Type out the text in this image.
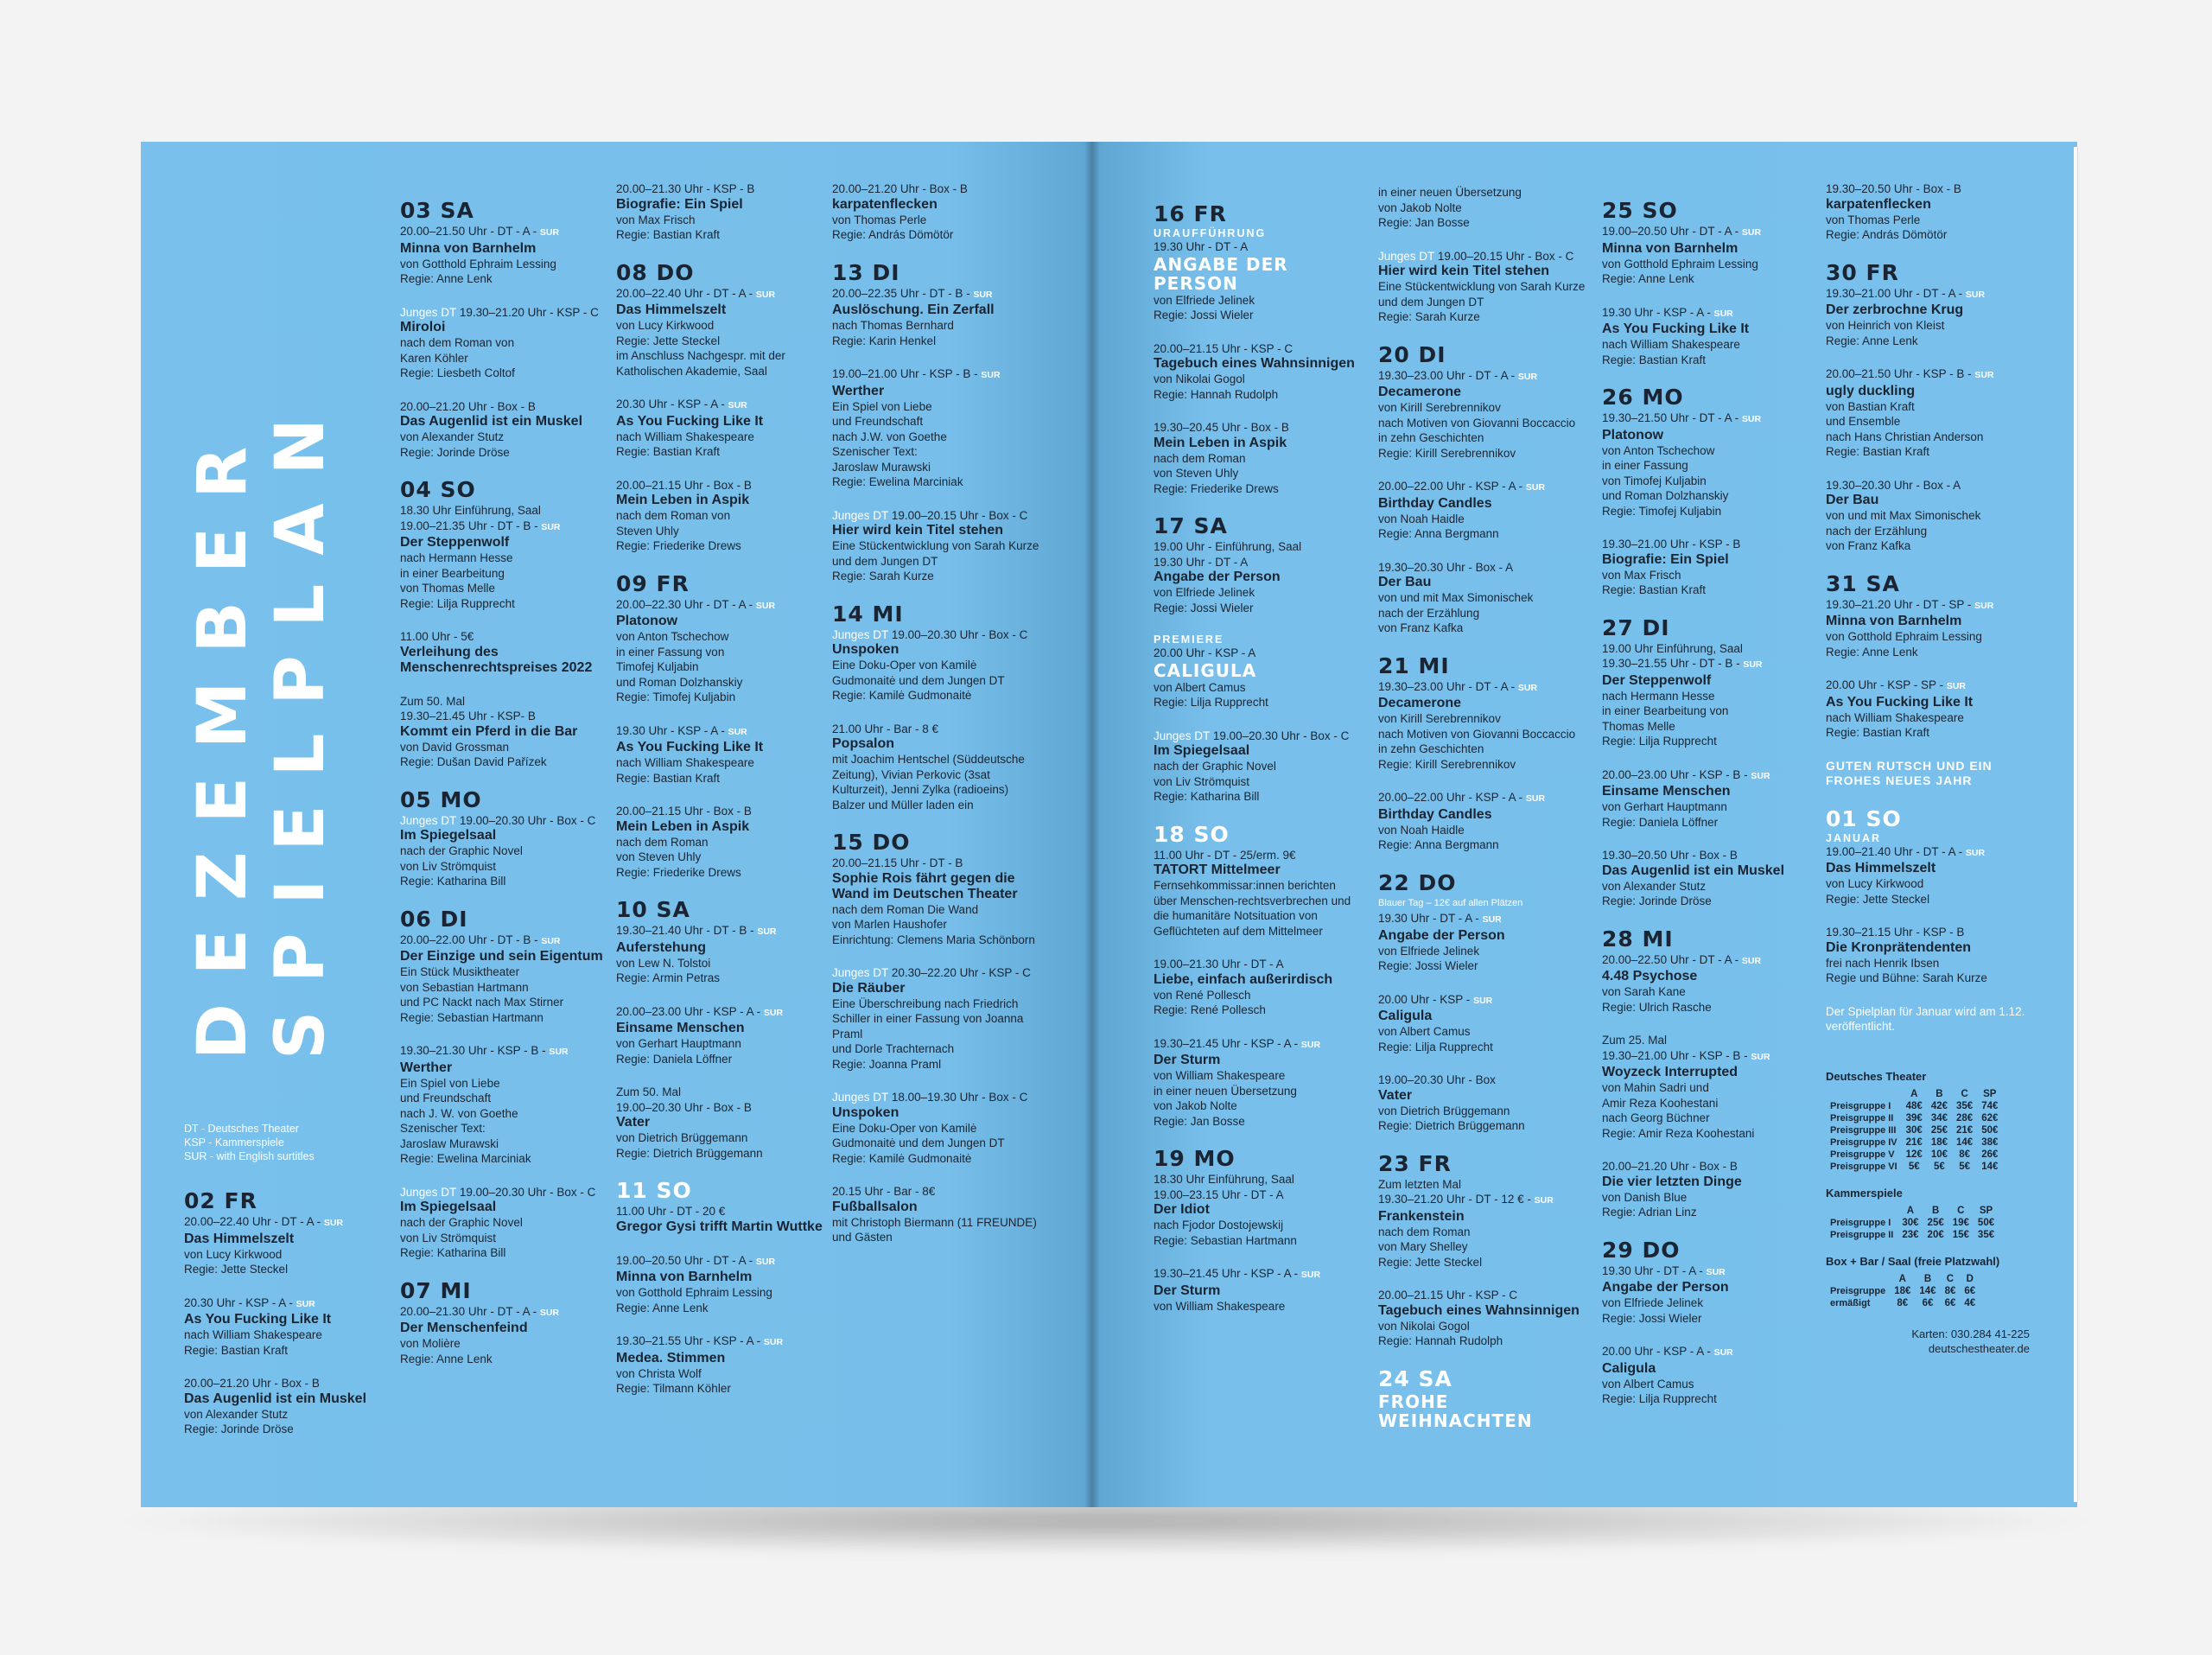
DEZEMBER SPIELPLAN
DT - Deutsches Theater
KSP - Kammerspiele
SUR - with English surtitles
02 FR
20.00–22.40 Uhr - DT - A - SUR
Das Himmelszelt
von Lucy Kirkwood
Regie: Jette Steckel
20.30 Uhr - KSP - A - SUR
As You Fucking Like It
nach William Shakespeare
Regie: Bastian Kraft
20.00–21.20 Uhr - Box - B
Das Augenlid ist ein Muskel
von Alexander Stutz
Regie: Jorinde Dröse
03 SA
20.00–21.50 Uhr - DT - A - SUR
Minna von Barnhelm
von Gotthold Ephraim Lessing
Regie: Anne Lenk
Junges DT 19.30–21.20 Uhr - KSP - C
Miroloi
nach dem Roman von
Karen Köhler
Regie: Liesbeth Coltof
20.00–21.20 Uhr - Box - B
Das Augenlid ist ein Muskel
von Alexander Stutz
Regie: Jorinde Dröse
04 SO
18.30 Uhr Einführung, Saal
19.00–21.35 Uhr - DT - B - SUR
Der Steppenwolf
nach Hermann Hesse
in einer Bearbeitung
von Thomas Melle
Regie: Lilja Rupprecht
11.00 Uhr - 5€
Verleihung des Menschenrechtspreises 2022
Zum 50. Mal
19.30–21.45 Uhr - KSP- B
Kommt ein Pferd in die Bar
von David Grossman
Regie: Dušan David Pařízek
05 MO
Junges DT 19.00–20.30 Uhr - Box - C
Im Spiegelsaal
nach der Graphic Novel
von Liv Strömquist
Regie: Katharina Bill
06 DI
20.00–22.00 Uhr - DT - B - SUR
Der Einzige und sein Eigentum
Ein Stück Musiktheater
von Sebastian Hartmann
und PC Nackt nach Max Stirner
Regie: Sebastian Hartmann
19.30–21.30 Uhr - KSP - B - SUR
Werther
Ein Spiel von Liebe
und Freundschaft
nach J. W. von Goethe
Szenischer Text:
Jaroslaw Murawski
Regie: Ewelina Marciniak
Junges DT 19.00–20.30 Uhr - Box - C
Im Spiegelsaal
nach der Graphic Novel
von Liv Strömquist
Regie: Katharina Bill
07 MI
20.00–21.30 Uhr - DT - A - SUR
Der Menschenfeind
von Molière
Regie: Anne Lenk
20.00–21.30 Uhr - KSP - B
Biografie: Ein Spiel
von Max Frisch
Regie: Bastian Kraft
08 DO
20.00–22.40 Uhr - DT - A - SUR
Das Himmelszelt
von Lucy Kirkwood
Regie: Jette Steckel
im Anschluss Nachgespr. mit der Katholischen Akademie, Saal
20.30 Uhr - KSP - A - SUR
As You Fucking Like It
nach William Shakespeare
Regie: Bastian Kraft
20.00–21.15 Uhr - Box - B
Mein Leben in Aspik
nach dem Roman von
Steven Uhly
Regie: Friederike Drews
09 FR
20.00–22.30 Uhr - DT - A - SUR
Platonow
von Anton Tschechow
in einer Fassung von
Timofej Kuljabin
und Roman Dolzhanskiy
Regie: Timofej Kuljabin
19.30 Uhr - KSP - A - SUR
As You Fucking Like It
nach William Shakespeare
Regie: Bastian Kraft
20.00–21.15 Uhr - Box - B
Mein Leben in Aspik
nach dem Roman
von Steven Uhly
Regie: Friederike Drews
10 SA
19.30–21.40 Uhr - DT - B - SUR
Auferstehung
von Lew N. Tolstoi
Regie: Armin Petras
20.00–23.00 Uhr - KSP - A - SUR
Einsame Menschen
von Gerhart Hauptmann
Regie: Daniela Löffner
Zum 50. Mal
19.00–20.30 Uhr - Box - B
Vater
von Dietrich Brüggemann
Regie: Dietrich Brüggemann
11 SO
11.00 Uhr - DT - 20 €
Gregor Gysi trifft Martin Wuttke
19.00–20.50 Uhr - DT - A - SUR
Minna von Barnhelm
von Gotthold Ephraim Lessing
Regie: Anne Lenk
19.30–21.55 Uhr - KSP - A - SUR
Medea. Stimmen
von Christa Wolf
Regie: Tilmann Köhler
20.00–21.20 Uhr - Box - B
karpatenflecken
von Thomas Perle
Regie: András Dömötör
13 DI
20.00–22.35 Uhr - DT - B - SUR
Auslöschung. Ein Zerfall
nach Thomas Bernhard
Regie: Karin Henkel
19.00–21.00 Uhr - KSP - B - SUR
Werther
Ein Spiel von Liebe
und Freundschaft
nach J.W. von Goethe
Szenischer Text:
Jaroslaw Murawski
Regie: Ewelina Marciniak
Junges DT 19.00–20.15 Uhr - Box - C
Hier wird kein Titel stehen
Eine Stückentwicklung von Sarah Kurze und dem Jungen DT
Regie: Sarah Kurze
14 MI
Junges DT 19.00–20.30 Uhr - Box - C
Unspoken
Eine Doku-Oper von Kamilė Gudmonaitė und dem Jungen DT
Regie: Kamilė Gudmonaitė
21.00 Uhr - Bar - 8 €
Popsalon
mit Joachim Hentschel (Süddeutsche Zeitung), Vivian Perkovic (3sat Kulturzeit), Jenni Zylka (radioeins)
Balzer und Müller laden ein
15 DO
20.00–21.15 Uhr - DT - B
Sophie Rois fährt gegen die Wand im Deutschen Theater
nach dem Roman Die Wand
von Marlen Haushofer
Einrichtung: Clemens Maria Schönborn
Junges DT 20.30–22.20 Uhr - KSP - C
Die Räuber
Eine Überschreibung nach Friedrich Schiller in einer Fassung von Joanna Praml
und Dorle Trachternach
Regie: Joanna Praml
Junges DT 18.00–19.30 Uhr - Box - C
Unspoken
Eine Doku-Oper von Kamilė Gudmonaitė und dem Jungen DT
Regie: Kamilė Gudmonaitė
20.15 Uhr - Bar - 8€
Fußballsalon
mit Christoph Biermann (11 FREUNDE) und Gästen
16 FR
URAUFFÜHRUNG
19.30 Uhr - DT - A
ANGABE DER PERSON
von Elfriede Jelinek
Regie: Jossi Wieler
20.00–21.15 Uhr - KSP - C
Tagebuch eines Wahnsinnigen
von Nikolai Gogol
Regie: Hannah Rudolph
19.30–20.45 Uhr - Box - B
Mein Leben in Aspik
nach dem Roman
von Steven Uhly
Regie: Friederike Drews
17 SA
19.00 Uhr - Einführung, Saal
19.30 Uhr - DT - A
Angabe der Person
von Elfriede Jelinek
Regie: Jossi Wieler
PREMIERE
20.00 Uhr - KSP - A
CALIGULA
von Albert Camus
Regie: Lilja Rupprecht
Junges DT 19.00–20.30 Uhr - Box - C
Im Spiegelsaal
nach der Graphic Novel
von Liv Strömquist
Regie: Katharina Bill
18 SO
11.00 Uhr - DT - 25/erm. 9€
TATORT Mittelmeer
Fernsehkommissar:innen berichten über Menschen-rechtsverbrechen und die humanitäre Notsituation von Geflüchteten auf dem Mittelmeer
19.00–21.30 Uhr - DT - A
Liebe, einfach außerirdisch
von René Pollesch
Regie: René Pollesch
19.30–21.45 Uhr - KSP - A - SUR
Der Sturm
von William Shakespeare
in einer neuen Übersetzung
von Jakob Nolte
Regie: Jan Bosse
19 MO
18.30 Uhr Einführung, Saal
19.00–23.15 Uhr - DT - A
Der Idiot
nach Fjodor Dostojewskij
Regie: Sebastian Hartmann
19.30–21.45 Uhr - KSP - A - SUR
Der Sturm
von William Shakespeare
in einer neuen Übersetzung
von Jakob Nolte
Regie: Jan Bosse
Junges DT 19.00–20.15 Uhr - Box - C
Hier wird kein Titel stehen
Eine Stückentwicklung von Sarah Kurze und dem Jungen DT
Regie: Sarah Kurze
20 DI
19.30–23.00 Uhr - DT - A - SUR
Decamerone
von Kirill Serebrennikov
nach Motiven von Giovanni Boccaccio in zehn Geschichten
Regie: Kirill Serebrennikov
20.00–22.00 Uhr - KSP - A - SUR
Birthday Candles
von Noah Haidle
Regie: Anna Bergmann
19.30–20.30 Uhr - Box - A
Der Bau
von und mit Max Simonischek
nach der Erzählung
von Franz Kafka
21 MI
19.30–23.00 Uhr - DT - A - SUR
Decamerone
von Kirill Serebrennikov
nach Motiven von Giovanni Boccaccio in zehn Geschichten
Regie: Kirill Serebrennikov
20.00–22.00 Uhr - KSP - A - SUR
Birthday Candles
von Noah Haidle
Regie: Anna Bergmann
22 DO
Blauer Tag – 12€ auf allen Plätzen
19.30 Uhr - DT - A - SUR
Angabe der Person
von Elfriede Jelinek
Regie: Jossi Wieler
20.00 Uhr - KSP - SUR
Caligula
von Albert Camus
Regie: Lilja Rupprecht
19.00–20.30 Uhr - Box
Vater
von Dietrich Brüggemann
Regie: Dietrich Brüggemann
23 FR
Zum letzten Mal
19.30–21.20 Uhr - DT - 12 € - SUR
Frankenstein
nach dem Roman
von Mary Shelley
Regie: Jette Steckel
20.00–21.15 Uhr - KSP - C
Tagebuch eines Wahnsinnigen
von Nikolai Gogol
Regie: Hannah Rudolph
24 SA
FROHE WEIHNACHTEN
25 SO
19.00–20.50 Uhr - DT - A - SUR
Minna von Barnhelm
von Gotthold Ephraim Lessing
Regie: Anne Lenk
19.30 Uhr - KSP - A - SUR
As You Fucking Like It
nach William Shakespeare
Regie: Bastian Kraft
26 MO
19.30–21.50 Uhr - DT - A - SUR
Platonow
von Anton Tschechow
in einer Fassung
von Timofej Kuljabin
und Roman Dolzhanskiy
Regie: Timofej Kuljabin
19.30–21.00 Uhr - KSP - B
Biografie: Ein Spiel
von Max Frisch
Regie: Bastian Kraft
27 DI
19.00 Uhr Einführung, Saal
19.30–21.55 Uhr - DT - B - SUR
Der Steppenwolf
nach Hermann Hesse
in einer Bearbeitung von
Thomas Melle
Regie: Lilja Rupprecht
20.00–23.00 Uhr - KSP - B - SUR
Einsame Menschen
von Gerhart Hauptmann
Regie: Daniela Löffner
19.30–20.50 Uhr - Box - B
Das Augenlid ist ein Muskel
von Alexander Stutz
Regie: Jorinde Dröse
28 MI
20.00–22.50 Uhr - DT - A - SUR
4.48 Psychose
von Sarah Kane
Regie: Ulrich Rasche
Zum 25. Mal
19.30–21.00 Uhr - KSP - B - SUR
Woyzeck Interrupted
von Mahin Sadri und
Amir Reza Koohestani
nach Georg Büchner
Regie: Amir Reza Koohestani
20.00–21.20 Uhr - Box - B
Die vier letzten Dinge
von Danish Blue
Regie: Adrian Linz
29 DO
19.30 Uhr - DT - A - SUR
Angabe der Person
von Elfriede Jelinek
Regie: Jossi Wieler
20.00 Uhr - KSP - A - SUR
Caligula
von Albert Camus
Regie: Lilja Rupprecht
19.30–20.50 Uhr - Box - B
karpatenflecken
von Thomas Perle
Regie: András Dömötör
30 FR
19.30–21.00 Uhr - DT - A - SUR
Der zerbrochne Krug
von Heinrich von Kleist
Regie: Anne Lenk
20.00–21.50 Uhr - KSP - B - SUR
ugly duckling
von Bastian Kraft
und Ensemble
nach Hans Christian Anderson
Regie: Bastian Kraft
19.30–20.30 Uhr - Box - A
Der Bau
von und mit Max Simonischek
nach der Erzählung
von Franz Kafka
31 SA
19.30–21.20 Uhr - DT - SP - SUR
Minna von Barnhelm
von Gotthold Ephraim Lessing
Regie: Anne Lenk
20.00 Uhr - KSP - SP - SUR
As You Fucking Like It
nach William Shakespeare
Regie: Bastian Kraft
GUTEN RUTSCH UND EIN FROHES NEUES JAHR
01 SO
JANUAR
19.00–21.40 Uhr - DT - A - SUR
Das Himmelszelt
von Lucy Kirkwood
Regie: Jette Steckel
19.30–21.15 Uhr - KSP - B
Die Kronprätendenten
frei nach Henrik Ibsen
Regie und Bühne: Sarah Kurze
Der Spielplan für Januar wird am 1.12. veröffentlicht.
Deutsches Theater
	A	B	C	SP
Preisgruppe I	48€	42€	35€	74€
Preisgruppe II	39€	34€	28€	62€
Preisgruppe III	30€	25€	21€	50€
Preisgruppe IV	21€	18€	14€	38€
Preisgruppe V	12€	10€	8€	26€
Preisgruppe VI	5€	5€	5€	14€
Kammerspiele
	A	B	C	SP
Preisgruppe I	30€	25€	19€	50€
Preisgruppe II	23€	20€	15€	35€
Box + Bar / Saal (freie Platzwahl)
	A	B	C	D
Preisgruppe	18€	14€	8€	6€
ermäßigt	8€	6€	6€	4€
Karten: 030.284 41-225
deutschestheater.de
